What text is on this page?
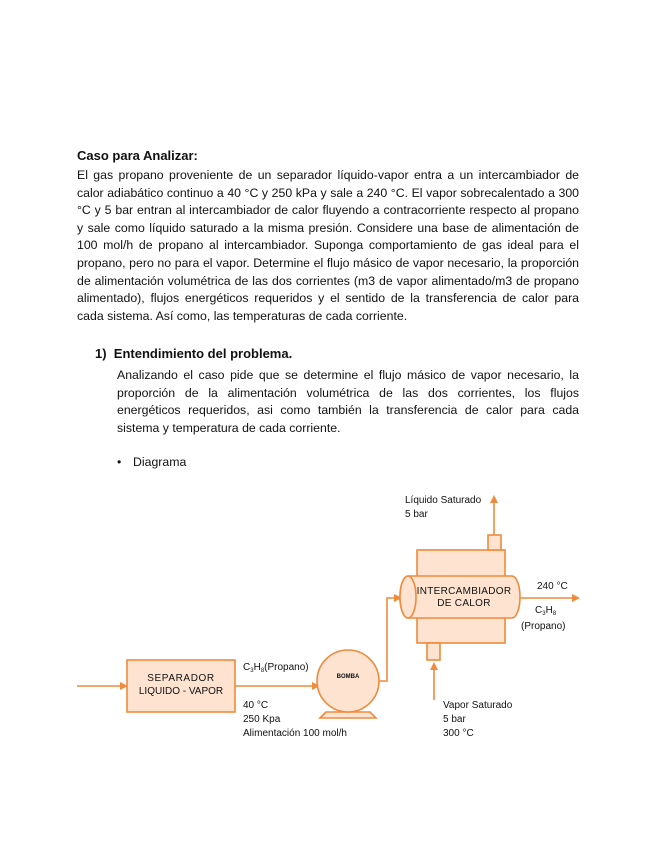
Caso para Analizar:
El gas propano proveniente de un separador líquido-vapor entra a un intercambiador de calor adiabático continuo a 40 °C y 250 kPa y sale a 240 °C. El vapor sobrecalentado a 300 °C y 5 bar entran al intercambiador de calor fluyendo a contracorriente respecto al propano y sale como líquido saturado a la misma presión. Considere una base de alimentación de 100 mol/h de propano al intercambiador. Suponga comportamiento de gas ideal para el propano, pero no para el vapor. Determine el flujo másico de vapor necesario, la proporción de alimentación volumétrica de las dos corrientes (m3 de vapor alimentado/m3 de propano alimentado), flujos energéticos requeridos y el sentido de la transferencia de calor para cada sistema. Así como, las temperaturas de cada corriente.
1) Entendimiento del problema.
Analizando el caso pide que se determine el flujo másico de vapor necesario, la proporción de la alimentación volumétrica de las dos corrientes, los flujos energéticos requeridos, asi como también la transferencia de calor para cada sistema y temperatura de cada corriente.
• Diagrama
SEPARADOR
LIQUIDO - VAPOR
BOMBA
INTERCAMBIADOR
DE CALOR
$C_3H_8(Propano)$
40 °C
250 Kpa
Alimentación 100 mol/h
Líquido Saturado
5 bar
240 °C
$C_3H_8$
(Propano)
Vapor Saturado
5 bar
300 °C
